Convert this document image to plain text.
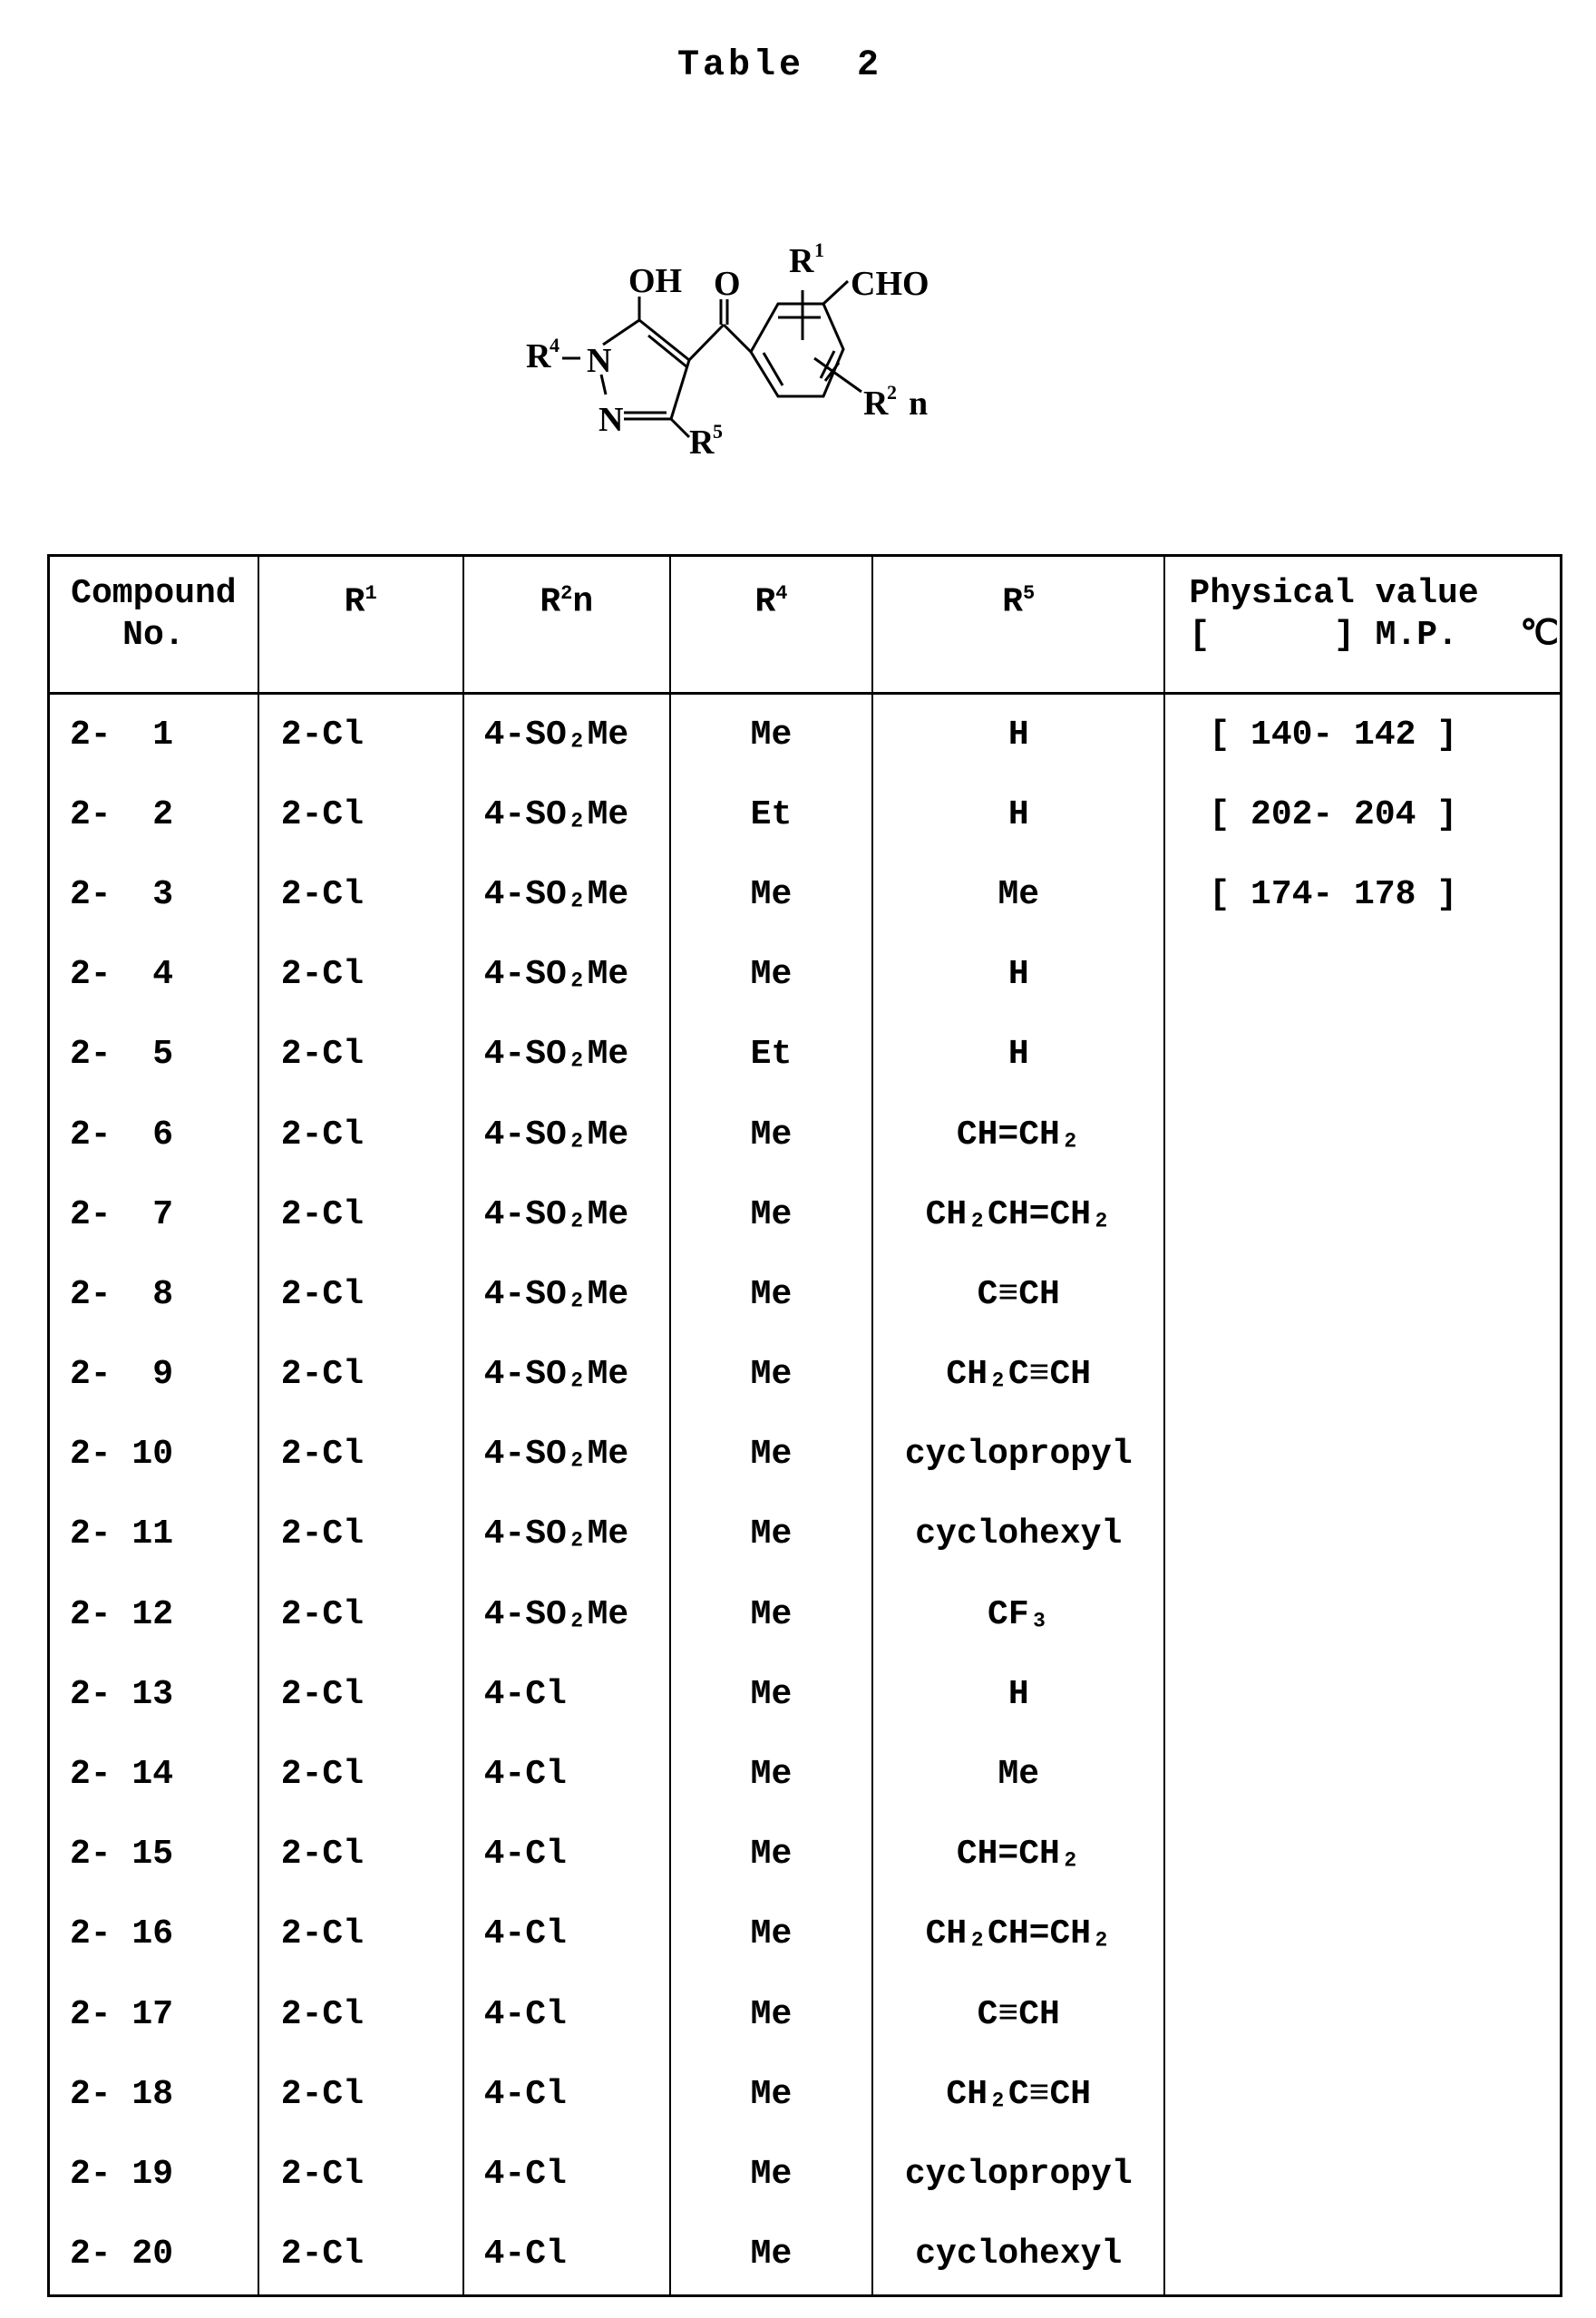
Table 2
OH O
R 1
CHO
R
4 N
N
R
5
R
2 n
Compound
No.	R1	R2n	R4	R5	Physical value
[      ] M.P.   ℃
2-  1	2-Cl	4-SO₂Me	Me	H	[ 140- 142 ]
2-  2	2-Cl	4-SO₂Me	Et	H	[ 202- 204 ]
2-  3	2-Cl	4-SO₂Me	Me	Me	[ 174- 178 ]
2-  4	2-Cl	4-SO₂Me	Me	H	
2-  5	2-Cl	4-SO₂Me	Et	H	
2-  6	2-Cl	4-SO₂Me	Me	CH=CH₂	
2-  7	2-Cl	4-SO₂Me	Me	CH₂CH=CH₂	
2-  8	2-Cl	4-SO₂Me	Me	C≡CH	
2-  9	2-Cl	4-SO₂Me	Me	CH₂C≡CH	
2- 10	2-Cl	4-SO₂Me	Me	cyclopropyl	
2- 11	2-Cl	4-SO₂Me	Me	cyclohexyl	
2- 12	2-Cl	4-SO₂Me	Me	CF₃	
2- 13	2-Cl	4-Cl	Me	H	
2- 14	2-Cl	4-Cl	Me	Me	
2- 15	2-Cl	4-Cl	Me	CH=CH₂	
2- 16	2-Cl	4-Cl	Me	CH₂CH=CH₂	
2- 17	2-Cl	4-Cl	Me	C≡CH	
2- 18	2-Cl	4-Cl	Me	CH₂C≡CH	
2- 19	2-Cl	4-Cl	Me	cyclopropyl	
2- 20	2-Cl	4-Cl	Me	cyclohexyl	
